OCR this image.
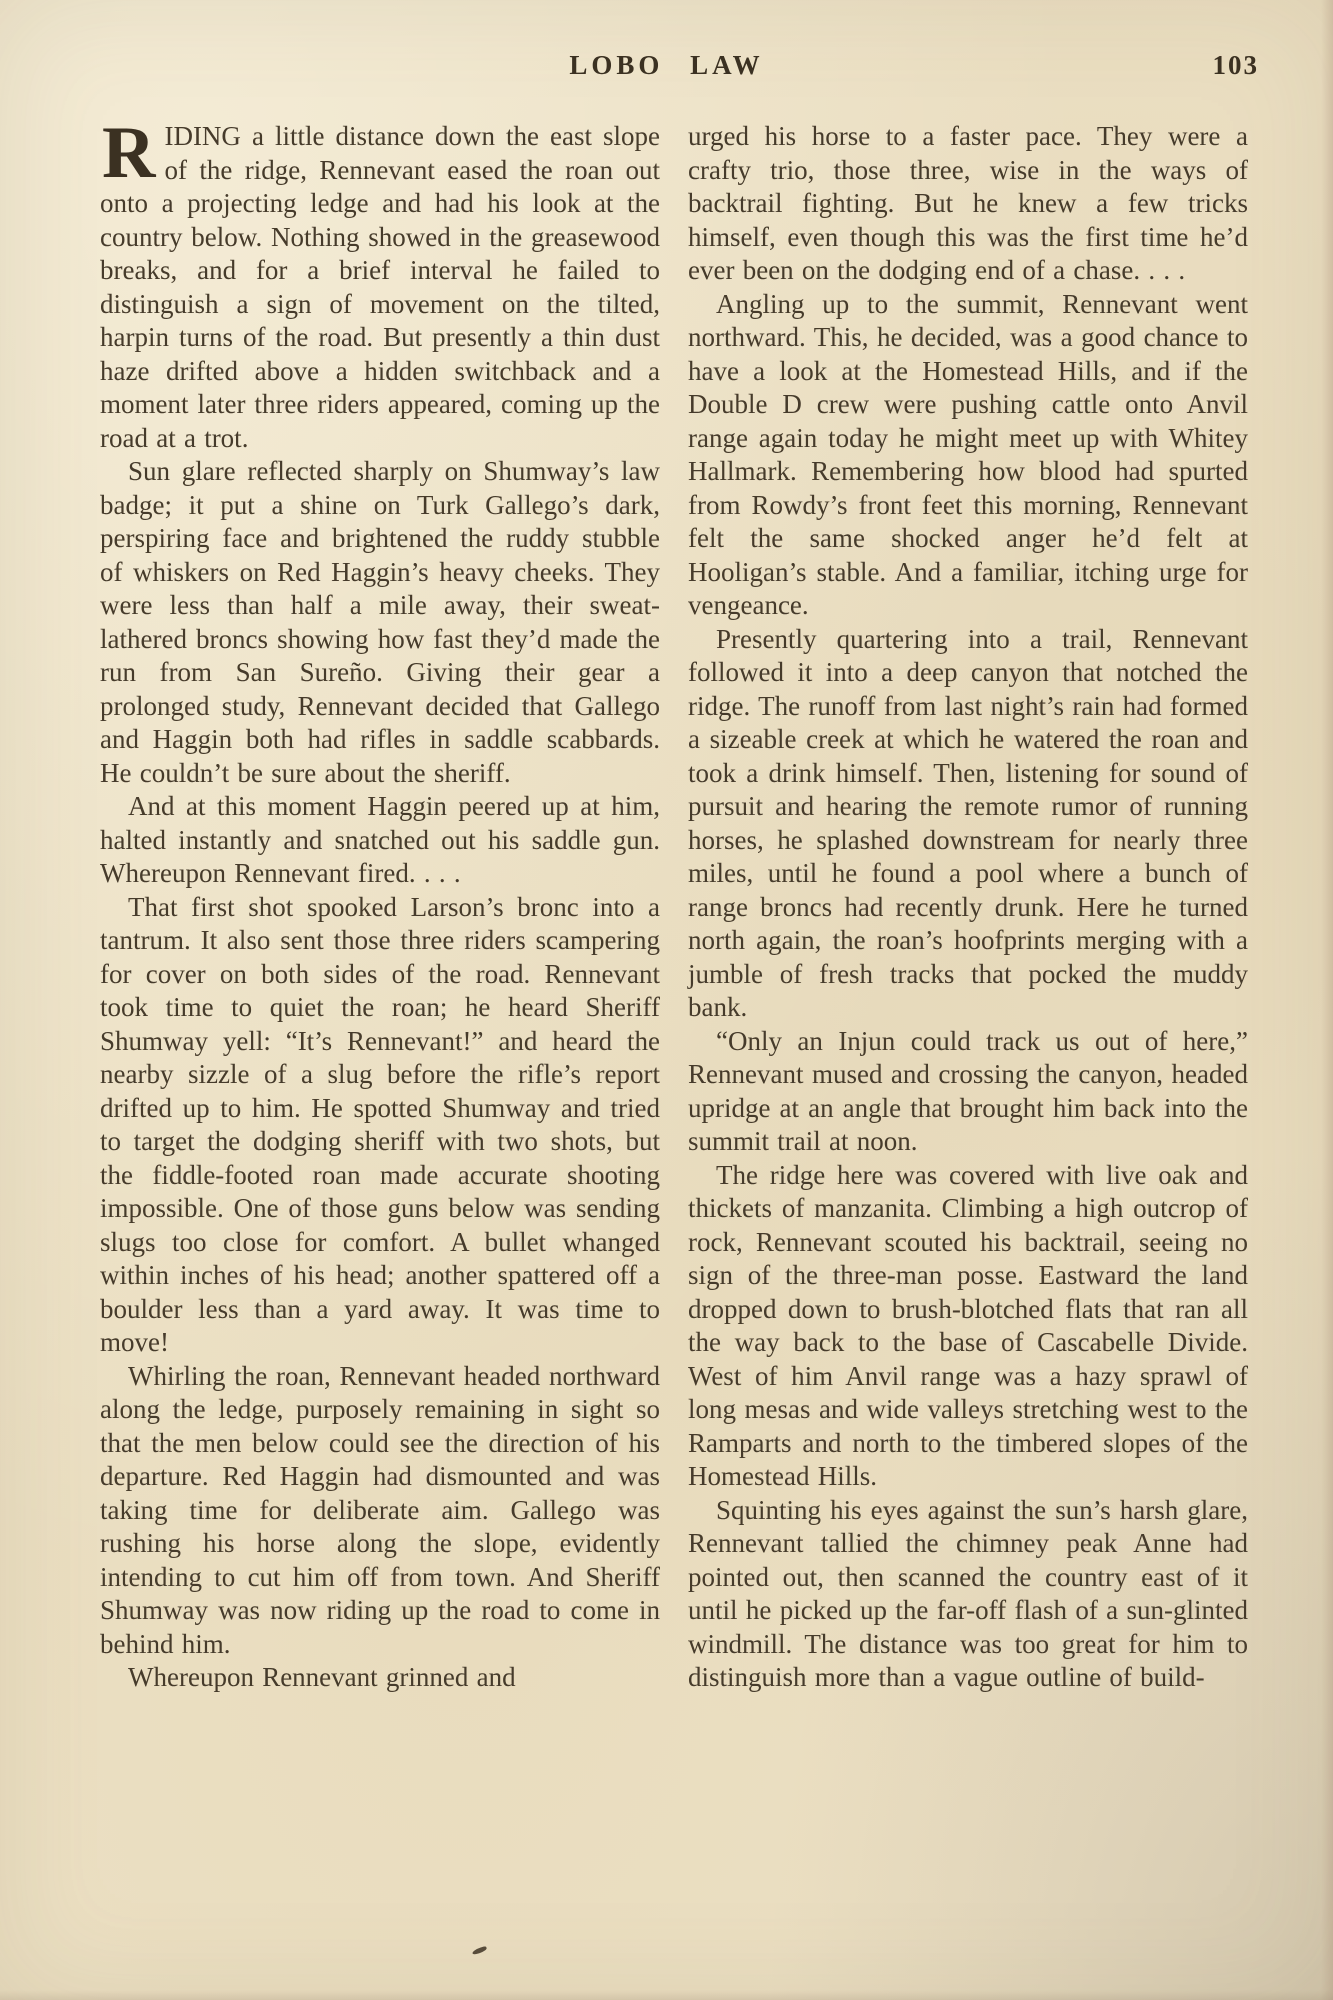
LOBO LAW	103

RIDING a little distance down the east slope of the ridge, Rennevant eased the roan out onto a projecting ledge and had his look at the country below. Nothing showed in the greasewood breaks, and for a brief interval he failed to distinguish a sign of movement on the tilted, harpin turns of the road. But presently a thin dust haze drifted above a hidden switchback and a moment later three riders appeared, coming up the road at a trot.

Sun glare reflected sharply on Shumway’s law badge; it put a shine on Turk Gallego’s dark, perspiring face and brightened the ruddy stubble of whiskers on Red Haggin’s heavy cheeks. They were less than half a mile away, their sweat-lathered broncs showing how fast they’d made the run from San Sureño. Giving their gear a prolonged study, Rennevant decided that Gallego and Haggin both had rifles in saddle scabbards. He couldn’t be sure about the sheriff.

And at this moment Haggin peered up at him, halted instantly and snatched out his saddle gun. Whereupon Rennevant fired. . . .

That first shot spooked Larson’s bronc into a tantrum. It also sent those three riders scampering for cover on both sides of the road. Rennevant took time to quiet the roan; he heard Sheriff Shumway yell: “It’s Rennevant!” and heard the nearby sizzle of a slug before the rifle’s report drifted up to him. He spotted Shumway and tried to target the dodging sheriff with two shots, but the fiddle-footed roan made accurate shooting impossible. One of those guns below was sending slugs too close for comfort. A bullet whanged within inches of his head; another spattered off a boulder less than a yard away. It was time to move!

Whirling the roan, Rennevant headed northward along the ledge, purposely remaining in sight so that the men below could see the direction of his departure. Red Haggin had dismounted and was taking time for deliberate aim. Gallego was rushing his horse along the slope, evidently intending to cut him off from town. And Sheriff Shumway was now riding up the road to come in behind him.

Whereupon Rennevant grinned and

urged his horse to a faster pace. They were a crafty trio, those three, wise in the ways of backtrail fighting. But he knew a few tricks himself, even though this was the first time he’d ever been on the dodging end of a chase. . . .

Angling up to the summit, Rennevant went northward. This, he decided, was a good chance to have a look at the Homestead Hills, and if the Double D crew were pushing cattle onto Anvil range again today he might meet up with Whitey Hallmark. Remembering how blood had spurted from Rowdy’s front feet this morning, Rennevant felt the same shocked anger he’d felt at Hooligan’s stable. And a familiar, itching urge for vengeance.

Presently quartering into a trail, Rennevant followed it into a deep canyon that notched the ridge. The runoff from last night’s rain had formed a sizeable creek at which he watered the roan and took a drink himself. Then, listening for sound of pursuit and hearing the remote rumor of running horses, he splashed downstream for nearly three miles, until he found a pool where a bunch of range broncs had recently drunk. Here he turned north again, the roan’s hoofprints merging with a jumble of fresh tracks that pocked the muddy bank.

“Only an Injun could track us out of here,” Rennevant mused and crossing the canyon, headed upridge at an angle that brought him back into the summit trail at noon.

The ridge here was covered with live oak and thickets of manzanita. Climbing a high outcrop of rock, Rennevant scouted his backtrail, seeing no sign of the three-man posse. Eastward the land dropped down to brush-blotched flats that ran all the way back to the base of Cascabelle Divide. West of him Anvil range was a hazy sprawl of long mesas and wide valleys stretching west to the Ramparts and north to the timbered slopes of the Homestead Hills.

Squinting his eyes against the sun’s harsh glare, Rennevant tallied the chimney peak Anne had pointed out, then scanned the country east of it until he picked up the far-off flash of a sun-glinted windmill. The distance was too great for him to distinguish more than a vague outline of build-
